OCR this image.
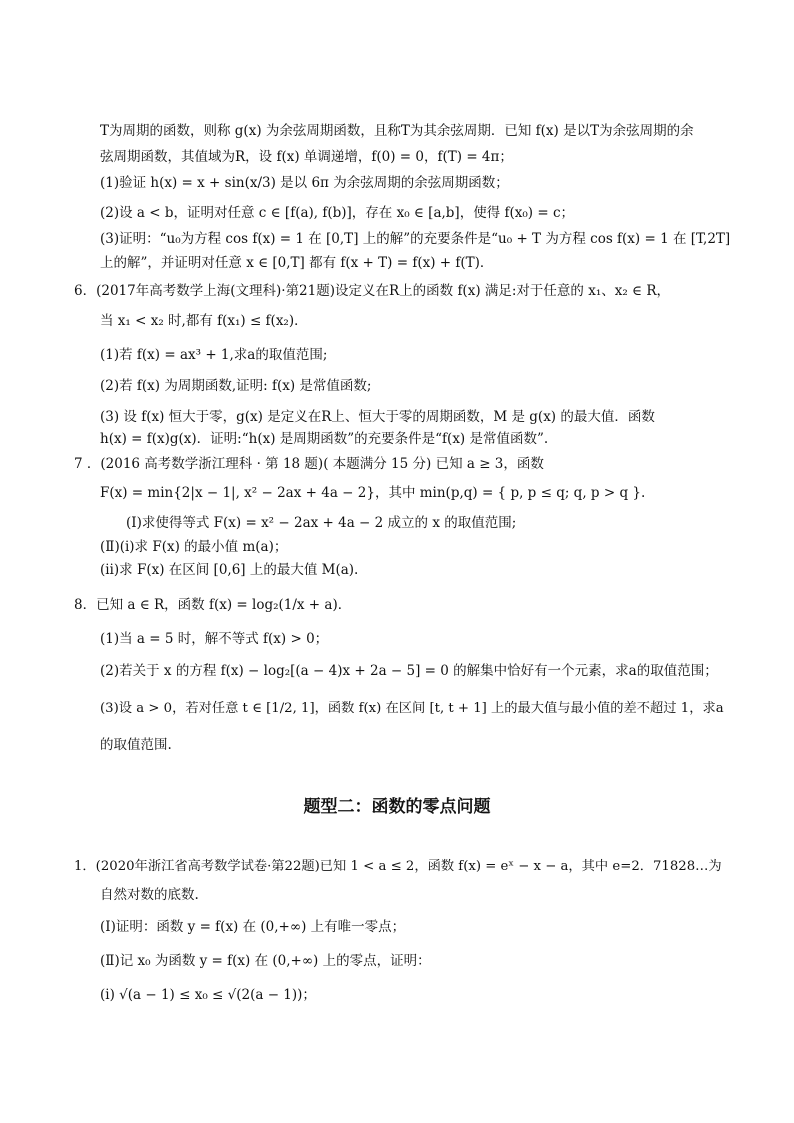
T为周期的函数，则称 g(x) 为余弦周期函数，且称T为其余弦周期．已知 f(x) 是以T为余弦周期的余
弦周期函数，其值域为R，设 f(x) 单调递增，f(0) = 0，f(T) = 4π；
(1)验证 h(x) = x + sin(x/3) 是以 6π 为余弦周期的余弦周期函数；
(2)设 a < b，证明对任意 c ∈ [f(a), f(b)]，存在 x₀ ∈ [a,b]，使得 f(x₀) = c；
(3)证明：“u₀为方程 cos f(x) = 1 在 [0,T] 上的解”的充要条件是“u₀ + T 为方程 cos f(x) = 1 在 [T,2T]
上的解”，并证明对任意 x ∈ [0,T] 都有 f(x + T) = f(x) + f(T)．
6．(2017年高考数学上海(文理科)·第21题)设定义在R上的函数 f(x) 满足:对于任意的 x₁、x₂ ∈ R，
当 x₁ < x₂ 时,都有 f(x₁) ≤ f(x₂)．
(1)若 f(x) = ax³ + 1,求a的取值范围;
(2)若 f(x) 为周期函数,证明: f(x) 是常值函数;
(3) 设 f(x) 恒大于零，g(x) 是定义在R上、恒大于零的周期函数，M 是 g(x) 的最大值．函数
h(x) = f(x)g(x)．证明:“h(x) 是周期函数”的充要条件是“f(x) 是常值函数”.
7 ．(2016 高考数学浙江理科 · 第 18 题)( 本题满分 15 分) 已知 a ≥ 3，函数
F(x) = min{2|x − 1|, x² − 2ax + 4a − 2}，其中 min(p,q) = { p, p ≤ q; q, p > q }.
(Ⅰ)求使得等式 F(x) = x² − 2ax + 4a − 2 成立的 x 的取值范围;
(Ⅱ)(ⅰ)求 F(x) 的最小值 m(a)；
(ⅱ)求 F(x) 在区间 [0,6] 上的最大值 M(a).
8．已知 a ∈ R，函数 f(x) = log₂(1/x + a)．
(1)当 a = 5 时，解不等式 f(x) > 0；
(2)若关于 x 的方程 f(x) − log₂[(a − 4)x + 2a − 5] = 0 的解集中恰好有一个元素，求a的取值范围；
(3)设 a > 0，若对任意 t ∈ [1/2, 1]，函数 f(x) 在区间 [t, t + 1] 上的最大值与最小值的差不超过 1，求a
的取值范围.
题型二：函数的零点问题
1．(2020年浙江省高考数学试卷·第22题)已知 1 < a ≤ 2，函数 f(x) = eˣ − x − a，其中 e=2．71828…为
自然对数的底数.
(Ⅰ)证明：函数 y = f(x) 在 (0,+∞) 上有唯一零点；
(Ⅱ)记 x₀ 为函数 y = f(x) 在 (0,+∞) 上的零点，证明：
(ⅰ) √(a − 1) ≤ x₀ ≤ √(2(a − 1))；
